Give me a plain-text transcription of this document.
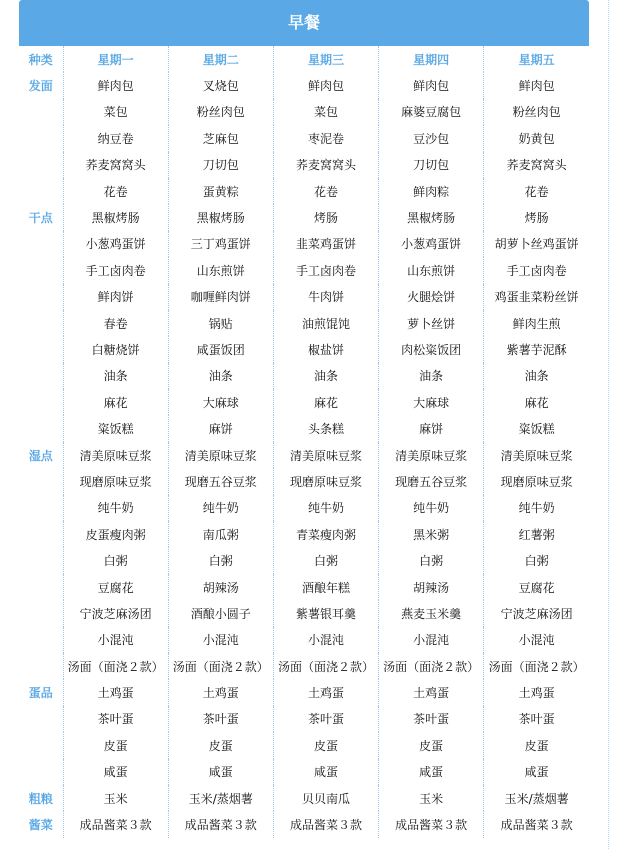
早餐
种类	星期一	星期二	星期三	星期四	星期五
发面	鲜肉包	叉烧包	鲜肉包	鲜肉包	鲜肉包
	菜包	粉丝肉包	菜包	麻婆豆腐包	粉丝肉包
	纳豆卷	芝麻包	枣泥卷	豆沙包	奶黄包
	荞麦窝窝头	刀切包	荞麦窝窝头	刀切包	荞麦窝窝头
	花卷	蛋黄粽	花卷	鲜肉粽	花卷
干点	黑椒烤肠	黑椒烤肠	烤肠	黑椒烤肠	烤肠
	小葱鸡蛋饼	三丁鸡蛋饼	韭菜鸡蛋饼	小葱鸡蛋饼	胡萝卜丝鸡蛋饼
	手工卤肉卷	山东煎饼	手工卤肉卷	山东煎饼	手工卤肉卷
	鲜肉饼	咖喱鲜肉饼	牛肉饼	火腿烩饼	鸡蛋韭菜粉丝饼
	春卷	锅贴	油煎馄饨	萝卜丝饼	鲜肉生煎
	白糖烧饼	咸蛋饭团	椒盐饼	肉松粢饭团	紫薯芋泥酥
	油条	油条	油条	油条	油条
	麻花	大麻球	麻花	大麻球	麻花
	粢饭糕	麻饼	头条糕	麻饼	粢饭糕
湿点	清美原味豆浆	清美原味豆浆	清美原味豆浆	清美原味豆浆	清美原味豆浆
	现磨原味豆浆	现磨五谷豆浆	现磨原味豆浆	现磨五谷豆浆	现磨原味豆浆
	纯牛奶	纯牛奶	纯牛奶	纯牛奶	纯牛奶
	皮蛋瘦肉粥	南瓜粥	青菜瘦肉粥	黑米粥	红薯粥
	白粥	白粥	白粥	白粥	白粥
	豆腐花	胡辣汤	酒酿年糕	胡辣汤	豆腐花
	宁波芝麻汤团	酒酿小圆子	紫薯银耳羹	燕麦玉米羹	宁波芝麻汤团
	小混沌	小混沌	小混沌	小混沌	小混沌
	汤面（面浇２款）	汤面（面浇２款）	汤面（面浇２款）	汤面（面浇２款）	汤面（面浇２款）
蛋品	土鸡蛋	土鸡蛋	土鸡蛋	土鸡蛋	土鸡蛋
	茶叶蛋	茶叶蛋	茶叶蛋	茶叶蛋	茶叶蛋
	皮蛋	皮蛋	皮蛋	皮蛋	皮蛋
	咸蛋	咸蛋	咸蛋	咸蛋	咸蛋
粗粮	玉米	玉米/蒸烟薯	贝贝南瓜	玉米	玉米/蒸烟薯
酱菜	成品酱菜３款	成品酱菜３款	成品酱菜３款	成品酱菜３款	成品酱菜３款
